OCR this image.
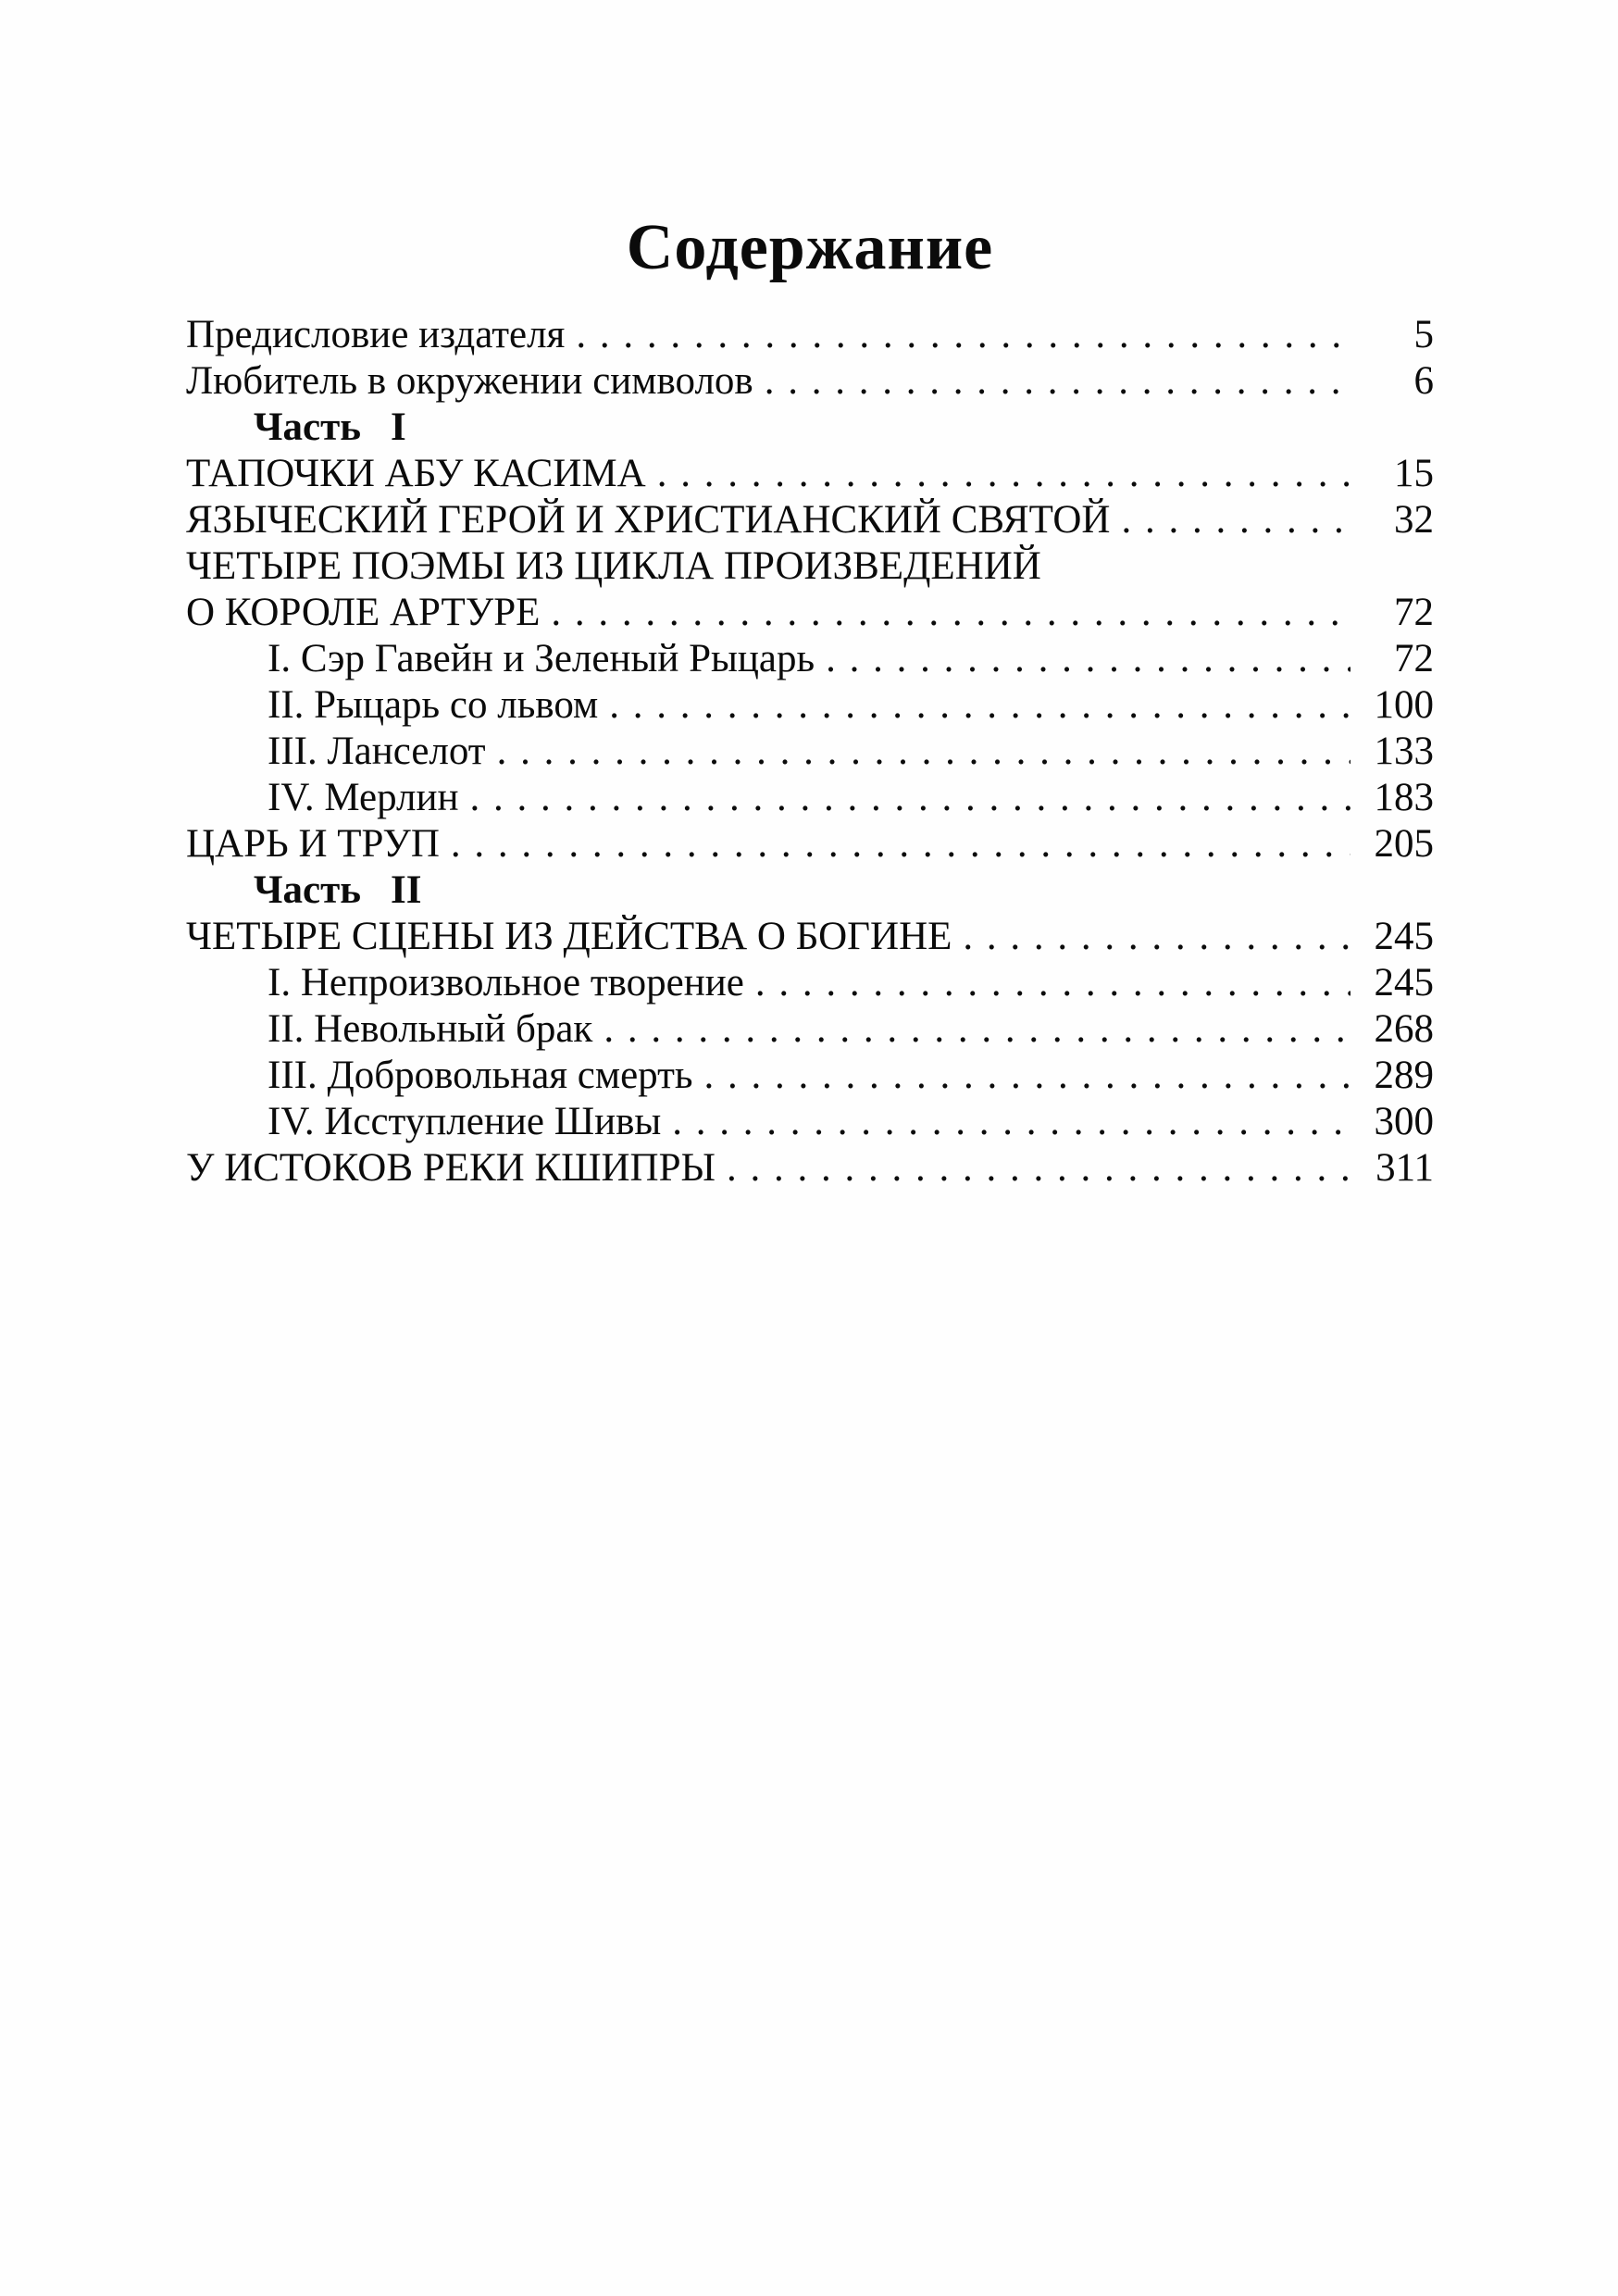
Содержание
Предисловие издателя . . .	5
Любитель в окружении символов . . .	6
Часть I
ТАПОЧКИ АБУ КАСИМА . . .	15
ЯЗЫЧЕСКИЙ ГЕРОЙ И ХРИСТИАНСКИЙ СВЯТОЙ . . .	32
ЧЕТЫРЕ ПОЭМЫ ИЗ ЦИКЛА ПРОИЗВЕДЕНИЙ
О КОРОЛЕ АРТУРЕ . . .	72
I. Сэр Гавейн и Зеленый Рыцарь . . .	72
II. Рыцарь со львом . . .	100
III. Ланселот . . .	133
IV. Мерлин . . .	183
ЦАРЬ И ТРУП . . .	205
Часть II
ЧЕТЫРЕ СЦЕНЫ ИЗ ДЕЙСТВА О БОГИНЕ . . .	245
I. Непроизвольное творение . . .	245
II. Невольный брак . . .	268
III. Добровольная смерть . . .	289
IV. Исступление Шивы . . .	300
У ИСТОКОВ РЕКИ КШИПРЫ . . .	311
